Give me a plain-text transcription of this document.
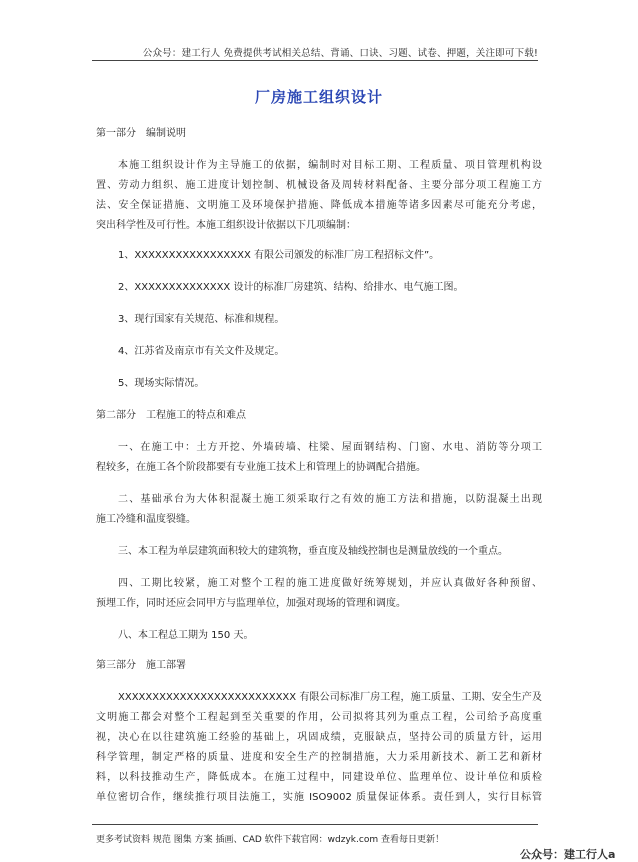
公众号：建工行人 免费提供考试相关总结、背诵、口诀、习题、试卷、押题，关注即可下载!
厂房施工组织设计
第一部分　编制说明
本施工组织设计作为主导施工的依据，编制时对目标工期、工程质量、项目管理机构设
置、劳动力组织、施工进度计划控制、机械设备及周转材料配备、主要分部分项工程施工方
法、安全保证措施、文明施工及环境保护措施、降低成本措施等诸多因素尽可能充分考虑，
突出科学性及可行性。本施工组织设计依据以下几项编制：
1、XXXXXXXXXXXXXXXXX 有限公司颁发的标准厂房工程招标文件”。
2、XXXXXXXXXXXXXX 设计的标准厂房建筑、结构、给排水、电气施工图。
3、现行国家有关规范、标准和规程。
4、江苏省及南京市有关文件及规定。
5、现场实际情况。
第二部分　工程施工的特点和难点
一、在施工中：土方开挖、外墙砖墙、柱梁、屋面钢结构、门窗、水电、消防等分项工
程较多，在施工各个阶段都要有专业施工技术上和管理上的协调配合措施。
二、基础承台为大体积混凝土施工须采取行之有效的施工方法和措施，以防混凝土出现
施工冷缝和温度裂缝。
三、本工程为单层建筑面积较大的建筑物，垂直度及轴线控制也是测量放线的一个重点。
四、工期比较紧，施工对整个工程的施工进度做好统筹规划，并应认真做好各种预留、
预埋工作，同时还应会同甲方与监理单位，加强对现场的管理和调度。
八、本工程总工期为 150 天。
第三部分　施工部署
XXXXXXXXXXXXXXXXXXXXXXXXXX 有限公司标准厂房工程，施工质量、工期、安全生产及
文明施工都会对整个工程起到至关重要的作用，公司拟将其列为重点工程，公司给予高度重
视，决心在以往建筑施工经验的基础上，巩固成绩，克服缺点，坚持公司的质量方针，运用
科学管理，制定严格的质量、进度和安全生产的控制措施，大力采用新技术、新工艺和新材
料，以科技推动生产，降低成本。在施工过程中，同建设单位、监理单位、设计单位和质检
单位密切合作，继续推行项目法施工，实施 ISO9002 质量保证体系。责任到人，实行目标管
更多考试资料 规范 图集 方案 插画、CAD 软件下载官网：wdzyk.com 查看每日更新！
公众号：建工行人a
